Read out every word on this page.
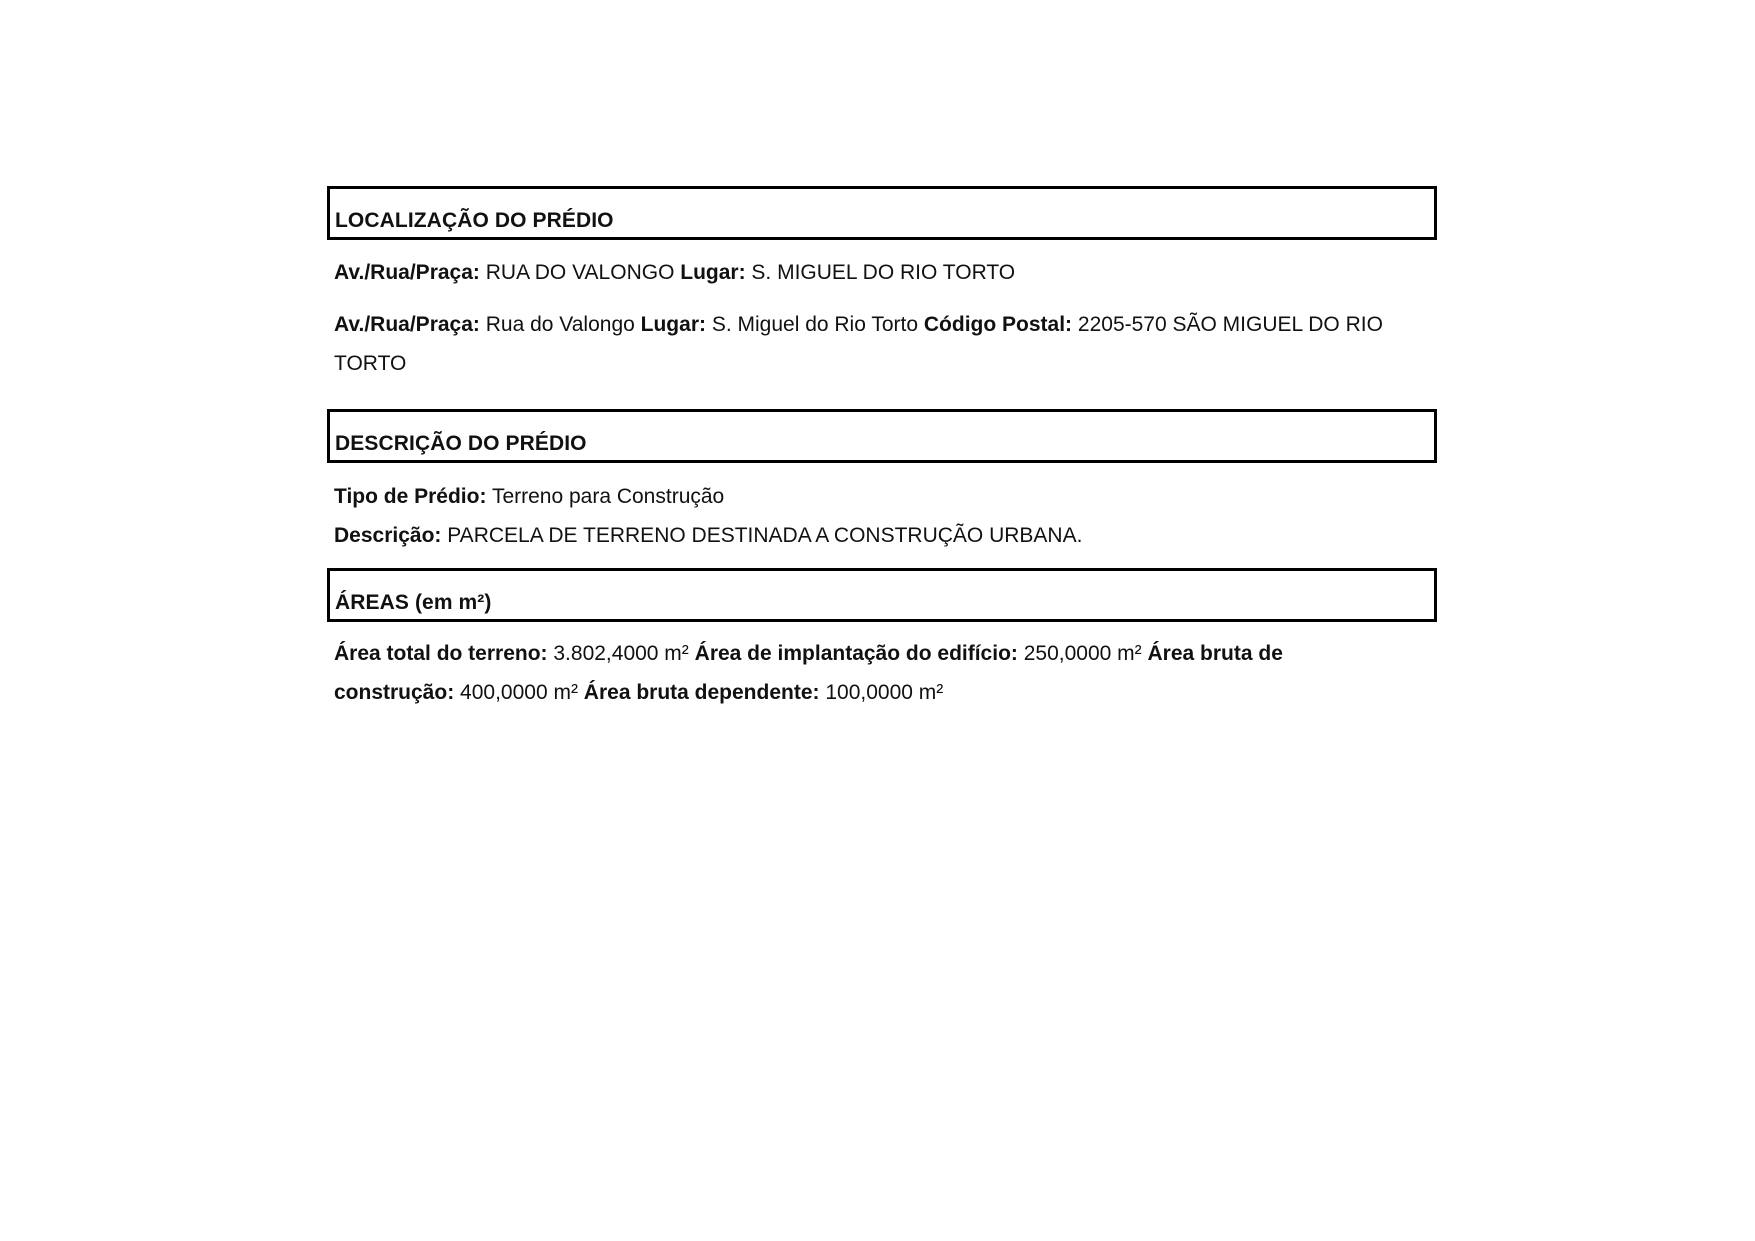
LOCALIZAÇÃO DO PRÉDIO
Av./Rua/Praça: RUA DO VALONGO Lugar: S. MIGUEL DO RIO TORTO
Av./Rua/Praça: Rua do Valongo Lugar: S. Miguel do Rio Torto Código Postal: 2205-570 SÃO MIGUEL DO RIO TORTO
DESCRIÇÃO DO PRÉDIO
Tipo de Prédio: Terreno para Construção
Descrição: PARCELA DE TERRENO DESTINADA A CONSTRUÇÃO URBANA.
ÁREAS (em m²)
Área total do terreno: 3.802,4000 m² Área de implantação do edifício: 250,0000 m² Área bruta de construção: 400,0000 m² Área bruta dependente: 100,0000 m²
